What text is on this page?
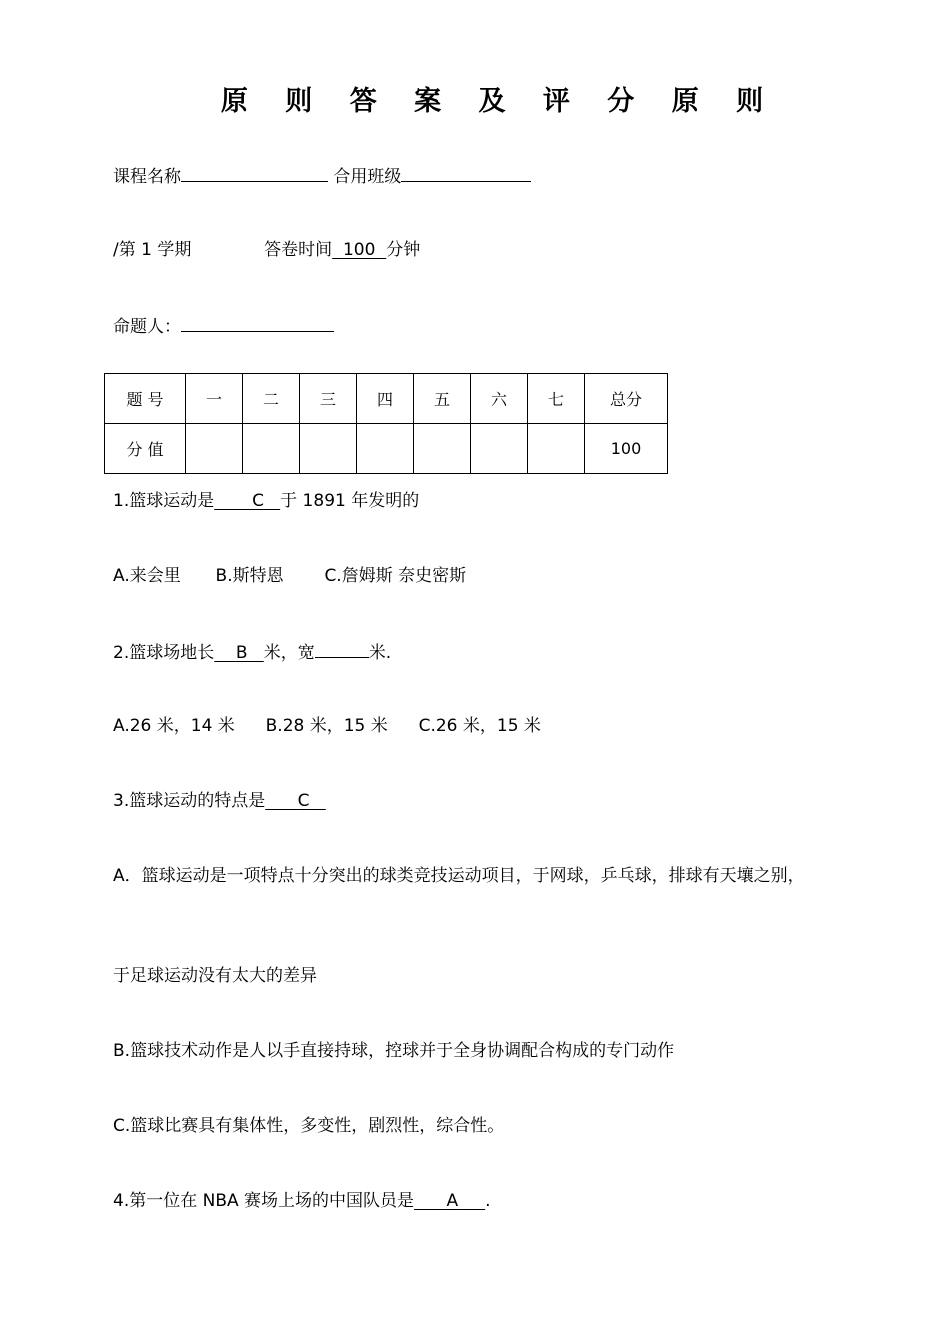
原 则 答 案 及 评 分 原 则
课程名称	合用班级
/第 1 学期	答卷时间 100 分钟
命题人：
题 号	一	二	三	四	五	六	七	总分
分 值								100
1.篮球运动是 C 于 1891 年发明的
A.来会里 B.斯特恩 C.詹姆斯 奈史密斯
2.篮球场地长 B 米，宽	米.
A.26 米，14 米 B.28 米，15 米 C.26 米，15 米
3.篮球运动的特点是 C
A．篮球运动是一项特点十分突出的球类竞技运动项目，于网球，乒乓球，排球有天壤之别，
于足球运动没有太大的差异
B.篮球技术动作是人以手直接持球，控球并于全身协调配合构成的专门动作
C.篮球比赛具有集体性，多变性，剧烈性，综合性。
4.第一位在 NBA 赛场上场的中国队员是 A .
